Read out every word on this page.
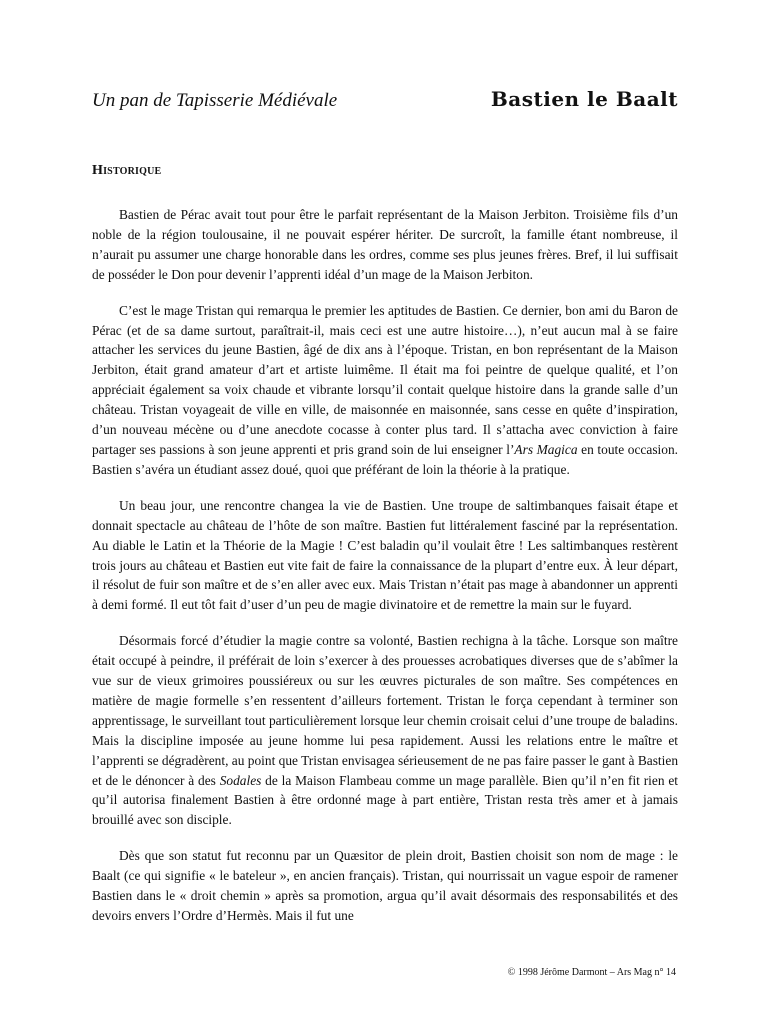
Un pan de Tapisserie Médiévale	Bastien le Baalt
Historique

Bastien de Pérac avait tout pour être le parfait représentant de la Maison Jerbiton. Troisième fils d’un noble de la région toulousaine, il ne pouvait espérer hériter. De surcroît, la famille étant nombreuse, il n’aurait pu assumer une charge honorable dans les ordres, comme ses plus jeunes frères. Bref, il lui suffisait de posséder le Don pour devenir l’apprenti idéal d’un mage de la Maison Jerbiton.

C’est le mage Tristan qui remarqua le premier les aptitudes de Bastien. Ce dernier, bon ami du Baron de Pérac (et de sa dame surtout, paraîtrait-il, mais ceci est une autre histoire…), n’eut aucun mal à se faire attacher les services du jeune Bastien, âgé de dix ans à l’époque. Tristan, en bon représentant de la Maison Jerbiton, était grand amateur d’art et artiste luimême. Il était ma foi peintre de quelque qualité, et l’on appréciait également sa voix chaude et vibrante lorsqu’il contait quelque histoire dans la grande salle d’un château. Tristan voyageait de ville en ville, de maisonnée en maisonnée, sans cesse en quête d’inspiration, d’un nouveau mécène ou d’une anecdote cocasse à conter plus tard. Il s’attacha avec conviction à faire partager ses passions à son jeune apprenti et pris grand soin de lui enseigner l’Ars Magica en toute occasion. Bastien s’avéra un étudiant assez doué, quoi que préférant de loin la théorie à la pratique.

Un beau jour, une rencontre changea la vie de Bastien. Une troupe de saltimbanques faisait étape et donnait spectacle au château de l’hôte de son maître. Bastien fut littéralement fasciné par la représentation. Au diable le Latin et la Théorie de la Magie ! C’est baladin qu’il voulait être ! Les saltimbanques restèrent trois jours au château et Bastien eut vite fait de faire la connaissance de la plupart d’entre eux. À leur départ, il résolut de fuir son maître et de s’en aller avec eux. Mais Tristan n’était pas mage à abandonner un apprenti à demi formé. Il eut tôt fait d’user d’un peu de magie divinatoire et de remettre la main sur le fuyard.

Désormais forcé d’étudier la magie contre sa volonté, Bastien rechigna à la tâche. Lorsque son maître était occupé à peindre, il préférait de loin s’exercer à des prouesses acrobatiques diverses que de s’abîmer la vue sur de vieux grimoires poussiéreux ou sur les œuvres picturales de son maître. Ses compétences en matière de magie formelle s’en ressentent d’ailleurs fortement. Tristan le força cependant à terminer son apprentissage, le surveillant tout particulièrement lorsque leur chemin croisait celui d’une troupe de baladins. Mais la discipline imposée au jeune homme lui pesa rapidement. Aussi les relations entre le maître et l’apprenti se dégradèrent, au point que Tristan envisagea sérieusement de ne pas faire passer le gant à Bastien et de le dénoncer à des Sodales de la Maison Flambeau comme un mage parallèle. Bien qu’il n’en fit rien et qu’il autorisa finalement Bastien à être ordonné mage à part entière, Tristan resta très amer et à jamais brouillé avec son disciple.

Dès que son statut fut reconnu par un Quæsitor de plein droit, Bastien choisit son nom de mage : le Baalt (ce qui signifie « le bateleur », en ancien français). Tristan, qui nourrissait un vague espoir de ramener Bastien dans le « droit chemin » après sa promotion, argua qu’il avait désormais des responsabilités et des devoirs envers l’Ordre d’Hermès. Mais il fut une

© 1998 Jérôme Darmont – Ars Mag n° 14
